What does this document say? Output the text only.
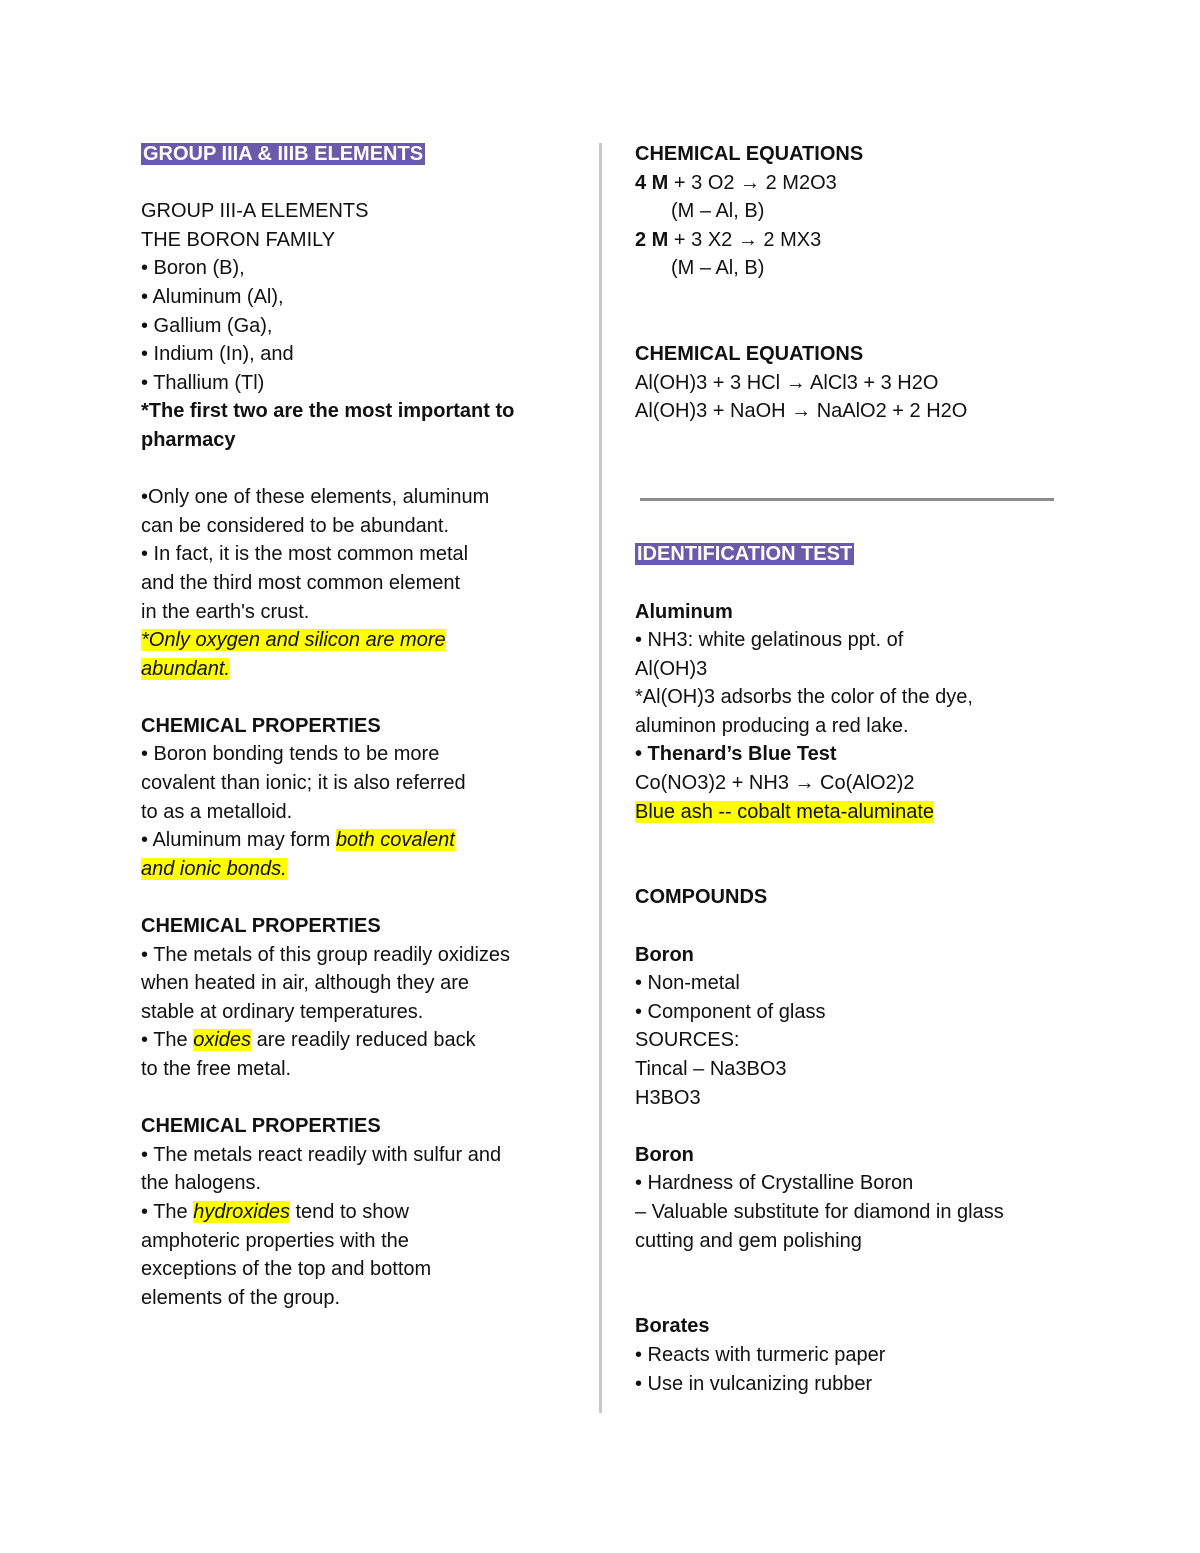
GROUP IIIA & IIIB ELEMENTS
GROUP III-A ELEMENTS
THE BORON FAMILY
• Boron (B),
• Aluminum (Al),
• Gallium (Ga),
• Indium (In), and
• Thallium (Tl)
*The first two are the most important to
pharmacy
•Only one of these elements, aluminum
can be considered to be abundant.
• In fact, it is the most common metal
and the third most common element
in the earth's crust.
*Only oxygen and silicon are more
abundant.
CHEMICAL PROPERTIES
• Boron bonding tends to be more
covalent than ionic; it is also referred
to as a metalloid.
• Aluminum may form both covalent
and ionic bonds.
CHEMICAL PROPERTIES
• The metals of this group readily oxidizes
when heated in air, although they are
stable at ordinary temperatures.
• The oxides are readily reduced back
to the free metal.
CHEMICAL PROPERTIES
• The metals react readily with sulfur and
the halogens.
• The hydroxides tend to show
amphoteric properties with the
exceptions of the top and bottom
elements of the group.
CHEMICAL EQUATIONS
4 M + 3 O2 → 2 M2O3
(M – Al, B)
2 M + 3 X2 → 2 MX3
(M – Al, B)
CHEMICAL EQUATIONS
Al(OH)3 + 3 HCl → AlCl3 + 3 H2O
Al(OH)3 + NaOH → NaAlO2 + 2 H2O
IDENTIFICATION TEST
Aluminum
• NH3: white gelatinous ppt. of
Al(OH)3
*Al(OH)3 adsorbs the color of the dye,
aluminon producing a red lake.
• Thenard’s Blue Test
Co(NO3)2 + NH3 → Co(AlO2)2
Blue ash -- cobalt meta-aluminate
COMPOUNDS
Boron
• Non-metal
• Component of glass
SOURCES:
Tincal – Na3BO3
H3BO3
Boron
• Hardness of Crystalline Boron
– Valuable substitute for diamond in glass
cutting and gem polishing
Borates
• Reacts with turmeric paper
• Use in vulcanizing rubber
